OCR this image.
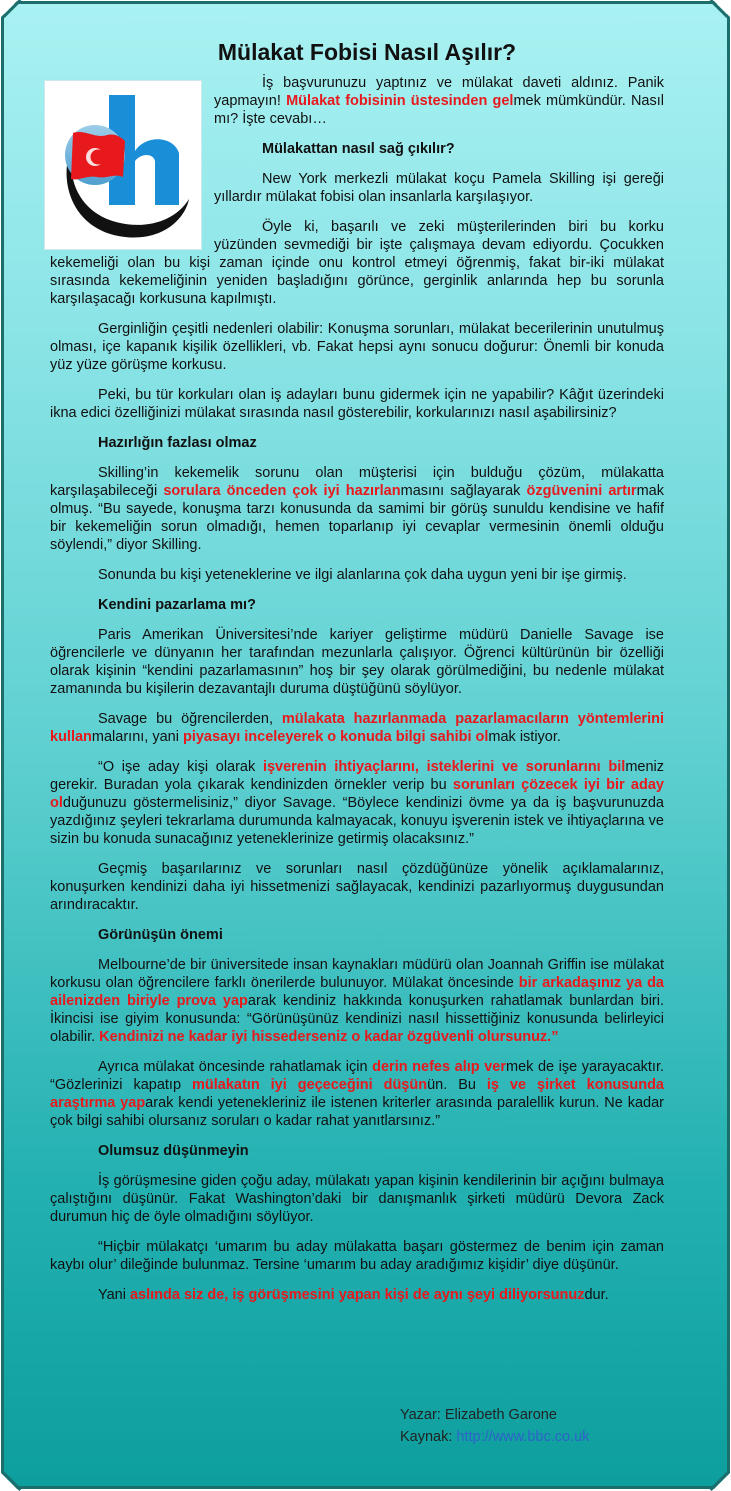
Mülakat Fobisi Nasıl Aşılır?

İş başvurunuzu yaptınız ve mülakat daveti aldınız. Panik yapmayın! Mülakat fobisinin üstesinden gelmek mümkündür. Nasıl mı? İşte cevabı…

Mülakattan nasıl sağ çıkılır?

New York merkezli mülakat koçu Pamela Skilling işi gereği yıllardır mülakat fobisi olan insanlarla karşılaşıyor.

Öyle ki, başarılı ve zeki müşterilerinden biri bu korku yüzünden sevmediği bir işte çalışmaya devam ediyordu. Çocukken kekemeliği olan bu kişi zaman içinde onu kontrol etmeyi öğrenmiş, fakat bir-iki mülakat sırasında kekemeliğinin yeniden başladığını görünce, gerginlik anlarında hep bu sorunla karşılaşacağı korkusuna kapılmıştı.

Gerginliğin çeşitli nedenleri olabilir: Konuşma sorunları, mülakat becerilerinin unutulmuş olması, içe kapanık kişilik özellikleri, vb. Fakat hepsi aynı sonucu doğurur: Önemli bir konuda yüz yüze görüşme korkusu.

Peki, bu tür korkuları olan iş adayları bunu gidermek için ne yapabilir? Kâğıt üzerindeki ikna edici özelliğinizi mülakat sırasında nasıl gösterebilir, korkularınızı nasıl aşabilirsiniz?

Hazırlığın fazlası olmaz

Skilling’in kekemelik sorunu olan müşterisi için bulduğu çözüm, mülakatta karşılaşabileceği sorulara önceden çok iyi hazırlanmasını sağlayarak özgüvenini artırmak olmuş. “Bu sayede, konuşma tarzı konusunda da samimi bir görüş sunuldu kendisine ve hafif bir kekemeliğin sorun olmadığı, hemen toparlanıp iyi cevaplar vermesinin önemli olduğu söylendi,” diyor Skilling.

Sonunda bu kişi yeteneklerine ve ilgi alanlarına çok daha uygun yeni bir işe girmiş.

Kendini pazarlama mı?

Paris Amerikan Üniversitesi’nde kariyer geliştirme müdürü Danielle Savage ise öğrencilerle ve dünyanın her tarafından mezunlarla çalışıyor. Öğrenci kültürünün bir özelliği olarak kişinin “kendini pazarlamasının” hoş bir şey olarak görülmediğini, bu nedenle mülakat zamanında bu kişilerin dezavantajlı duruma düştüğünü söylüyor.

Savage bu öğrencilerden, mülakata hazırlanmada pazarlamacıların yöntemlerini kullanmalarını, yani piyasayı inceleyerek o konuda bilgi sahibi olmak istiyor.

“O işe aday kişi olarak işverenin ihtiyaçlarını, isteklerini ve sorunlarını bilmeniz gerekir. Buradan yola çıkarak kendinizden örnekler verip bu sorunları çözecek iyi bir aday olduğunuzu göstermelisiniz,” diyor Savage. “Böylece kendinizi övme ya da iş başvurunuzda yazdığınız şeyleri tekrarlama durumunda kalmayacak, konuyu işverenin istek ve ihtiyaçlarına ve sizin bu konuda sunacağınız yeteneklerinize getirmiş olacaksınız.”

Geçmiş başarılarınız ve sorunları nasıl çözdüğünüze yönelik açıklamalarınız, konuşurken kendinizi daha iyi hissetmenizi sağlayacak, kendinizi pazarlıyormuş duygusundan arındıracaktır.

Görünüşün önemi

Melbourne’de bir üniversitede insan kaynakları müdürü olan Joannah Griffin ise mülakat korkusu olan öğrencilere farklı önerilerde bulunuyor. Mülakat öncesinde bir arkadaşınız ya da ailenizden biriyle prova yaparak kendiniz hakkında konuşurken rahatlamak bunlardan biri. İkincisi ise giyim konusunda: “Görünüşünüz kendinizi nasıl hissettiğiniz konusunda belirleyici olabilir. Kendinizi ne kadar iyi hissederseniz o kadar özgüvenli olursunuz.”

Ayrıca mülakat öncesinde rahatlamak için derin nefes alıp vermek de işe yarayacaktır. “Gözlerinizi kapatıp mülakatın iyi geçeceğini düşünün. Bu iş ve şirket konusunda araştırma yaparak kendi yetenekleriniz ile istenen kriterler arasında paralellik kurun. Ne kadar çok bilgi sahibi olursanız soruları o kadar rahat yanıtlarsınız.”

Olumsuz düşünmeyin

İş görüşmesine giden çoğu aday, mülakatı yapan kişinin kendilerinin bir açığını bulmaya çalıştığını düşünür. Fakat Washington’daki bir danışmanlık şirketi müdürü Devora Zack durumun hiç de öyle olmadığını söylüyor.

“Hiçbir mülakatçı ‘umarım bu aday mülakatta başarı göstermez de benim için zaman kaybı olur’ dileğinde bulunmaz. Tersine ‘umarım bu aday aradığımız kişidir’ diye düşünür.

Yani aslında siz de, iş görüşmesini yapan kişi de aynı şeyi diliyorsunuzdur.

Yazar: Elizabeth Garone
Kaynak: http://www.bbc.co.uk
